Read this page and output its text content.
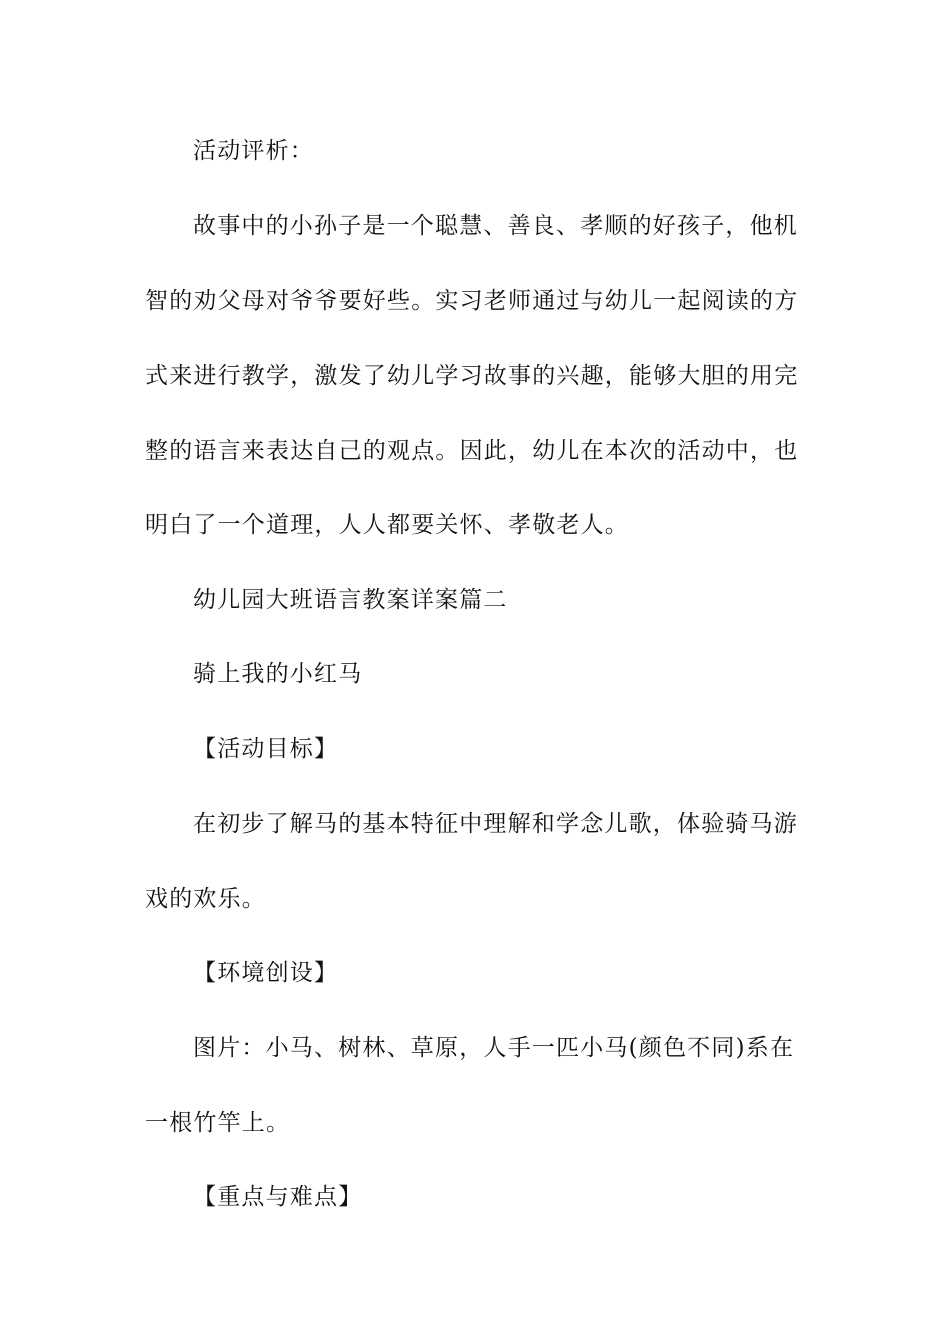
活动评析：
故事中的小孙子是一个聪慧、善良、孝顺的好孩子，他机
智的劝父母对爷爷要好些。实习老师通过与幼儿一起阅读的方
式来进行教学，激发了幼儿学习故事的兴趣，能够大胆的用完
整的语言来表达自己的观点。因此，幼儿在本次的活动中，也
明白了一个道理，人人都要关怀、孝敬老人。
幼儿园大班语言教案详案篇二
骑上我的小红马
【活动目标】
在初步了解马的基本特征中理解和学念儿歌，体验骑马游
戏的欢乐。
【环境创设】
图片：小马、树林、草原，人手一匹小马(颜色不同)系在
一根竹竿上。
【重点与难点】
